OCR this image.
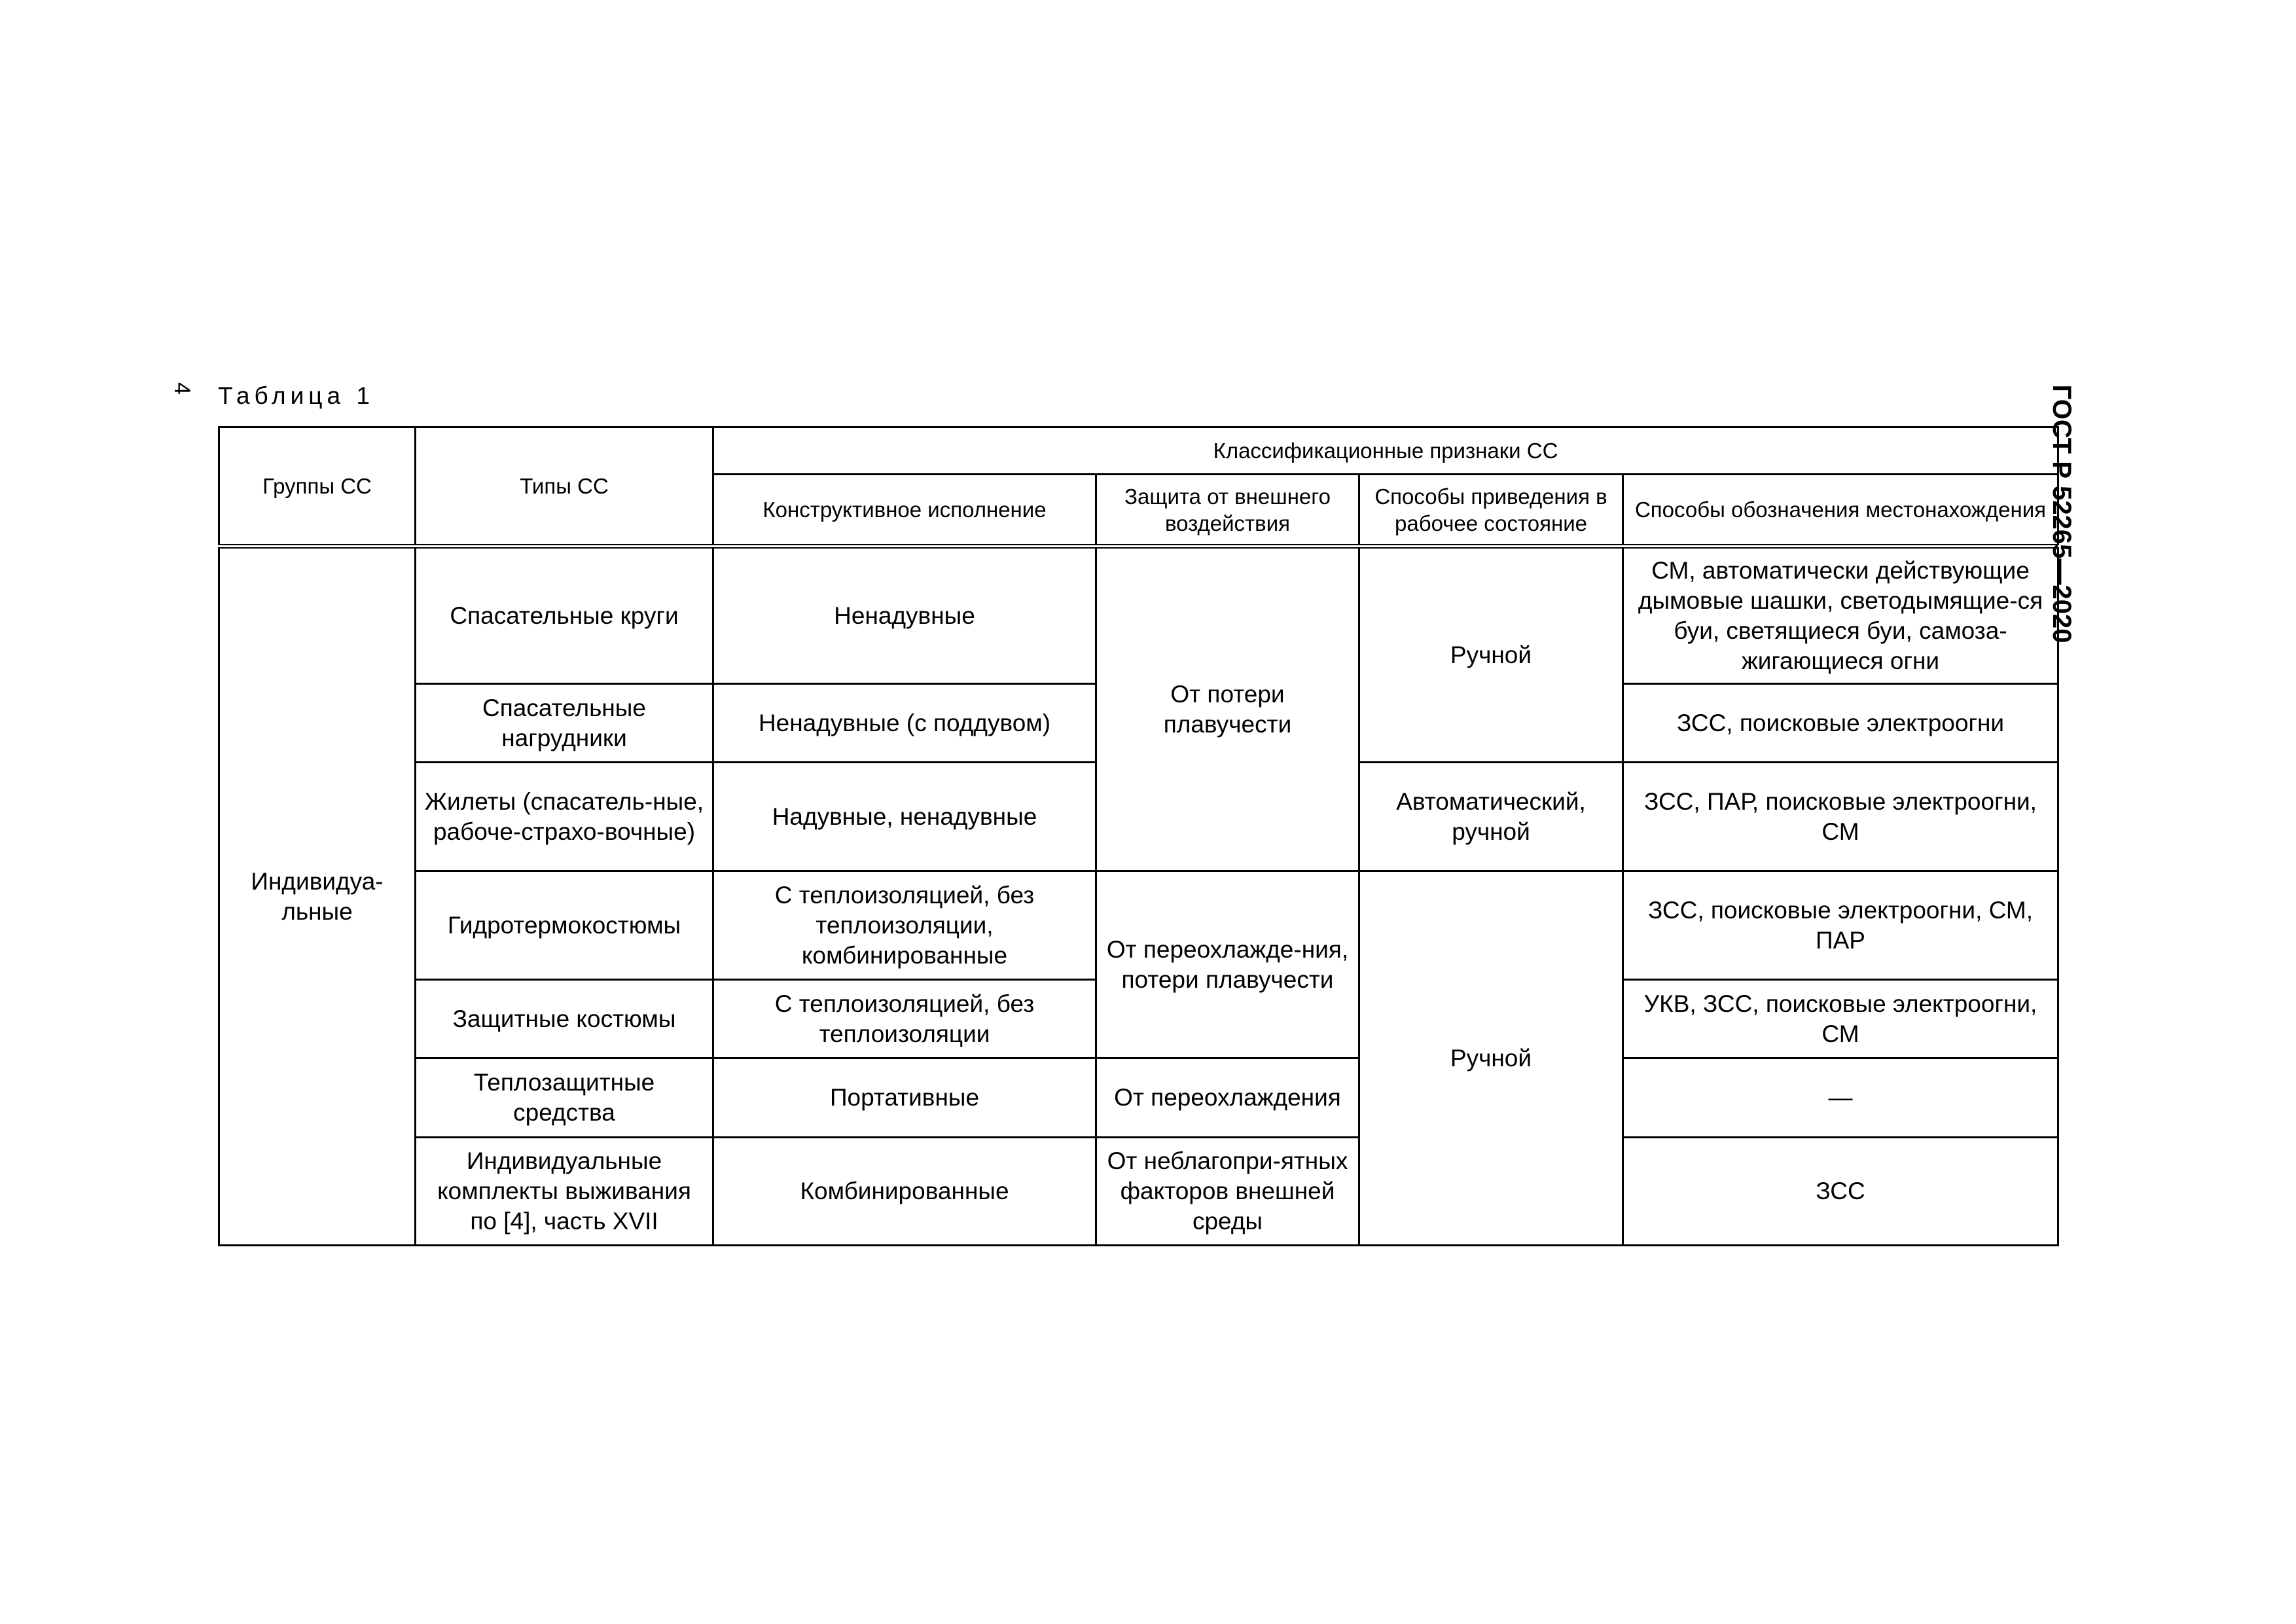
4 Таблица 1	ГОСТ Р 52265—2020
Группы СС	Типы СС	Классификационные признаки СС			
		Конструктивное исполнение	Защита от внешнего воздействия	Способы приведения в рабочее состояние	Способы обозначения местонахождения
Индивидуа-льные	Спасательные круги	Ненадувные	От потери плавучести	Ручной	СМ, автоматически действующие дымовые шашки, светодымящие-ся буи, светящиеся буи, самоза-жигающиеся огни
	Спасательные нагрудники	Ненадувные (с поддувом)			ЗСС, поисковые электроогни
	Жилеты (спасатель-ные, рабоче-страхо-вочные)	Надувные, ненадувные		Автоматический, ручной	ЗСС, ПАР, поисковые электроогни, СМ
	Гидротермокостюмы	С теплоизоляцией, без теплоизоляции, комбинированные	От переохлажде-ния, потери плавучести	Ручной	ЗСС, поисковые электроогни, СМ, ПАР
	Защитные костюмы	С теплоизоляцией, без теплоизоляции			УКВ, ЗСС, поисковые электроогни, СМ
	Теплозащитные средства	Портативные	От переохлаждения		—
	Индивидуальные комплекты выживания по [4], часть XVII	Комбинированные	От неблагопри-ятных факторов внешней среды		ЗСС
